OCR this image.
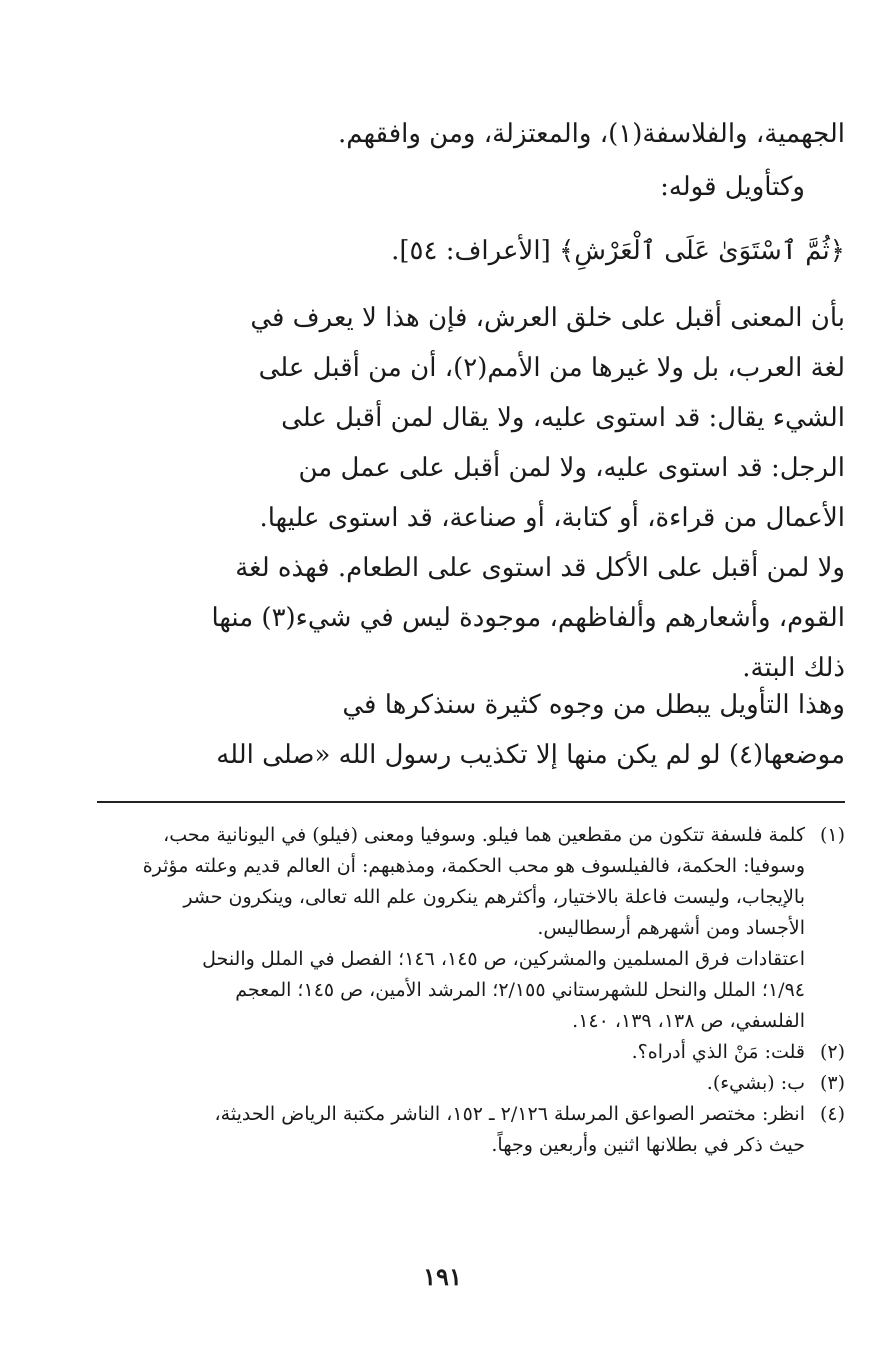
الجهمية، والفلاسفة(١)، والمعتزلة، ومن وافقهم.
وكتأويل قوله:
﴿ثُمَّ ٱسْتَوَىٰ عَلَى ٱلْعَرْشِ﴾ [الأعراف: ٥٤].
بأن المعنى أقبل على خلق العرش، فإن هذا لا يعرف في
لغة العرب، بل ولا غيرها من الأمم(٢)، أن من أقبل على
الشيء يقال: قد استوى عليه، ولا يقال لمن أقبل على
الرجل: قد استوى عليه، ولا لمن أقبل على عمل من
الأعمال من قراءة، أو كتابة، أو صناعة، قد استوى عليها.
ولا لمن أقبل على الأكل قد استوى على الطعام. فهذه لغة
القوم، وأشعارهم وألفاظهم، موجودة ليس في شيء(٣) منها
ذلك البتة.
وهذا التأويل يبطل من وجوه كثيرة سنذكرها في
موضعها(٤) لو لم يكن منها إلا تكذيب رسول الله «صلى الله
(١)كلمة فلسفة تتكون من مقطعين هما فيلو. وسوفيا ومعنى (فيلو) في اليونانية محب،
وسوفيا: الحكمة، فالفيلسوف هو محب الحكمة، ومذهبهم: أن العالم قديم وعلته مؤثرة
بالإيجاب، وليست فاعلة بالاختيار، وأكثرهم ينكرون علم الله تعالى، وينكرون حشر
الأجساد ومن أشهرهم أرسطاليس.
اعتقادات فرق المسلمين والمشركين، ص ١٤٥، ١٤٦؛ الفصل في الملل والنحل
١/٩٤؛ الملل والنحل للشهرستاني ٢/١٥٥؛ المرشد الأمين، ص ١٤٥؛ المعجم
الفلسفي، ص ١٣٨، ١٣٩، ١٤٠.
(٢)قلت: مَنْ الذي أدراه؟.
(٣)ب: (بشيء).
(٤)انظر: مختصر الصواعق المرسلة ٢/١٢٦ ـ ١٥٢، الناشر مكتبة الرياض الحديثة،
حيث ذكر في بطلانها اثنين وأربعين وجهاً.
١٩١
